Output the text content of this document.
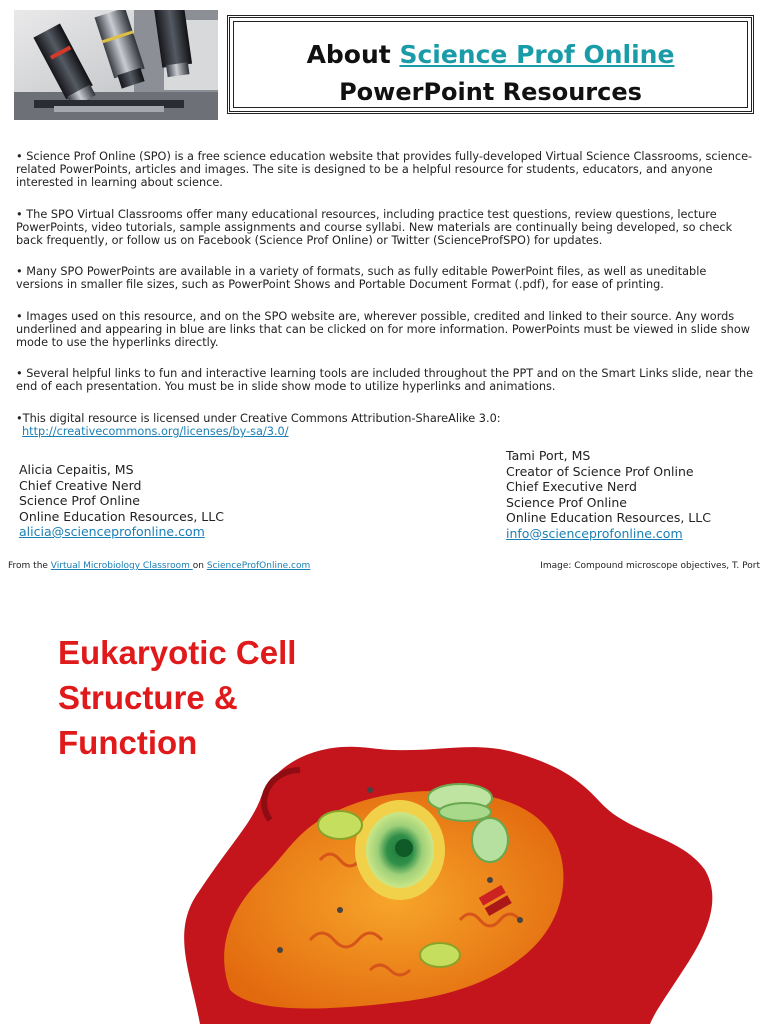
About Science Prof Online
PowerPoint Resources
• Science Prof Online (SPO) is a free science education website that provides fully-developed Virtual Science Classrooms, science-related PowerPoints, articles and images. The site is designed to be a helpful resource for students, educators, and anyone interested in learning about science.
• The SPO Virtual Classrooms offer many educational resources, including practice test questions, review questions, lecture PowerPoints, video tutorials, sample assignments and course syllabi. New materials are continually being developed, so check back frequently, or follow us on Facebook (Science Prof Online) or Twitter (ScienceProfSPO) for updates.
• Many SPO PowerPoints are available in a variety of formats, such as fully editable PowerPoint files, as well as uneditable versions in smaller file sizes, such as PowerPoint Shows and Portable Document Format (.pdf), for ease of printing.
• Images used on this resource, and on the SPO website are, wherever possible, credited and linked to their source. Any words underlined and appearing in blue are links that can be clicked on for more information. PowerPoints must be viewed in slide show mode to use the hyperlinks directly.
• Several helpful links to fun and interactive learning tools are included throughout the PPT and on the Smart Links slide, near the end of each presentation. You must be in slide show mode to utilize hyperlinks and animations.
•This digital resource is licensed under Creative Commons Attribution-ShareAlike 3.0:
http://creativecommons.org/licenses/by-sa/3.0/
Alicia Cepaitis, MS
Chief Creative Nerd
Science Prof Online
Online Education Resources, LLC
alicia@scienceprofonline.com
Tami Port, MS
Creator of Science Prof Online
Chief Executive Nerd
Science Prof Online
Online Education Resources, LLC
info@scienceprofonline.com
From the Virtual Microbiology Classroom on ScienceProfOnline.com	Image: Compound microscope objectives, T. Port
Eukaryotic Cell
Structure &
Function
